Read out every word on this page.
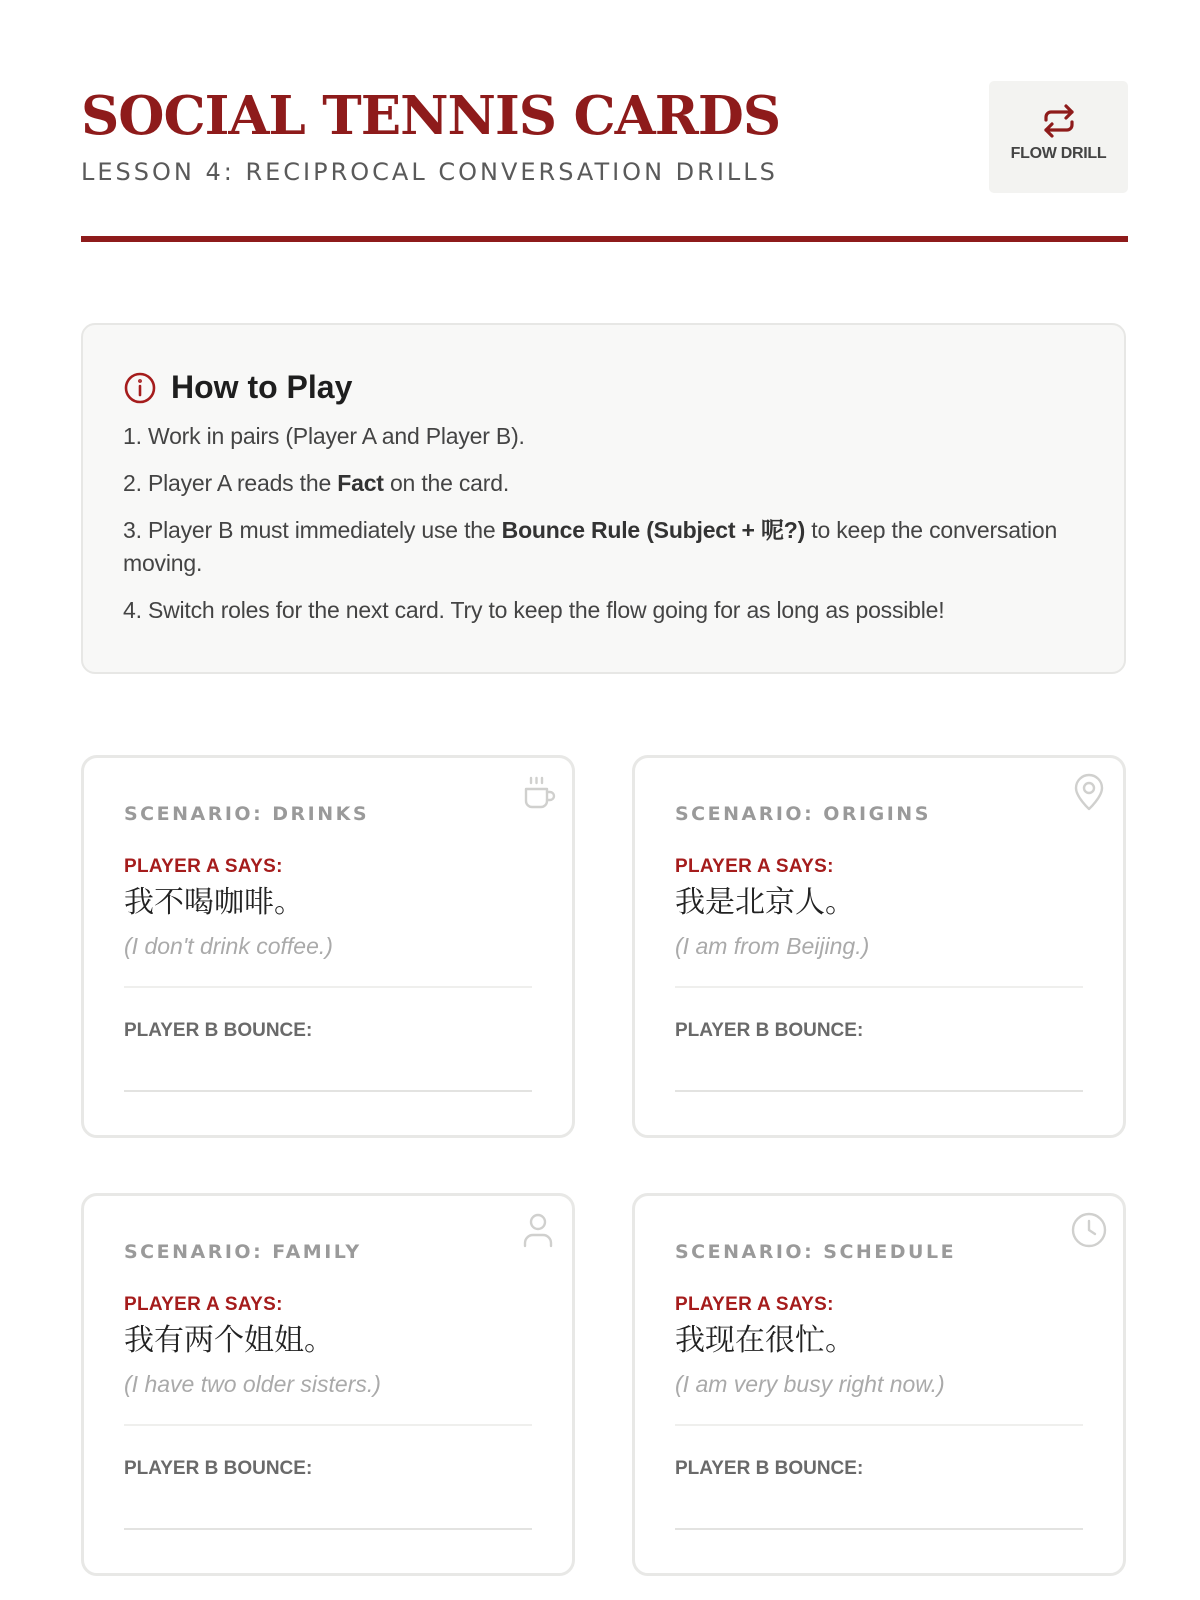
SOCIAL TENNIS CARDS

LESSON 4: RECIPROCAL CONVERSATION DRILLS

FLOW DRILL
How to Play
1. Work in pairs (Player A and Player B).
2. Player A reads the Fact on the card.
3. Player B must immediately use the Bounce Rule (Subject + 呢?) to keep the conversation moving.
4. Switch roles for the next card. Try to keep the flow going for as long as possible!
SCENARIO: DRINKS
PLAYER A SAYS:
我不喝咖啡。
(I don't drink coffee.)
PLAYER B BOUNCE:
SCENARIO: ORIGINS
PLAYER A SAYS:
我是北京人。
(I am from Beijing.)
PLAYER B BOUNCE:
SCENARIO: FAMILY
PLAYER A SAYS:
我有两个姐姐。
(I have two older sisters.)
PLAYER B BOUNCE:
SCENARIO: SCHEDULE
PLAYER A SAYS:
我现在很忙。
(I am very busy right now.)
PLAYER B BOUNCE:
